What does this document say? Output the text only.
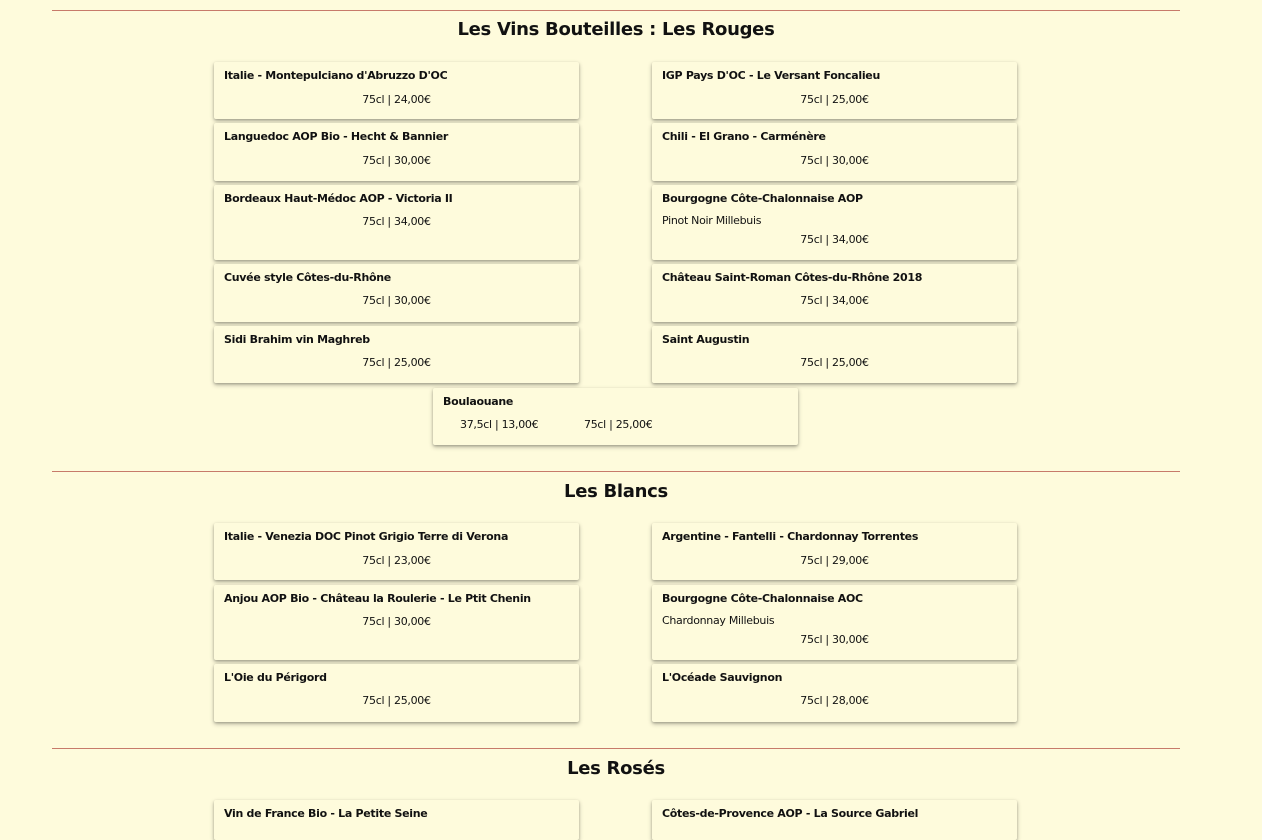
Les Vins Bouteilles : Les Rouges
Italie - Montepulciano d'Abruzzo D'OC
75cl | 24,00€
IGP Pays D'OC - Le Versant Foncalieu
75cl | 25,00€
Languedoc AOP Bio - Hecht & Bannier
75cl | 30,00€
Chili - El Grano - Carménère
75cl | 30,00€
Bordeaux Haut-Médoc AOP - Victoria II
75cl | 34,00€
Bourgogne Côte-Chalonnaise AOP
Pinot Noir Millebuis
75cl | 34,00€
Cuvée style Côtes-du-Rhône
75cl | 30,00€
Château Saint-Roman Côtes-du-Rhône 2018
75cl | 34,00€
Sidi Brahim vin Maghreb
75cl | 25,00€
Saint Augustin
75cl | 25,00€
Boulaouane
37,5cl | 13,00€	75cl | 25,00€
Les Blancs
Italie - Venezia DOC Pinot Grigio Terre di Verona
75cl | 23,00€
Argentine - Fantelli - Chardonnay Torrentes
75cl | 29,00€
Anjou AOP Bio - Château la Roulerie - Le Ptit Chenin
75cl | 30,00€
Bourgogne Côte-Chalonnaise AOC
Chardonnay Millebuis
75cl | 30,00€
L'Oie du Périgord
75cl | 25,00€
L'Océade Sauvignon
75cl | 28,00€
Les Rosés
Vin de France Bio - La Petite Seine	Côtes-de-Provence AOP - La Source Gabriel
